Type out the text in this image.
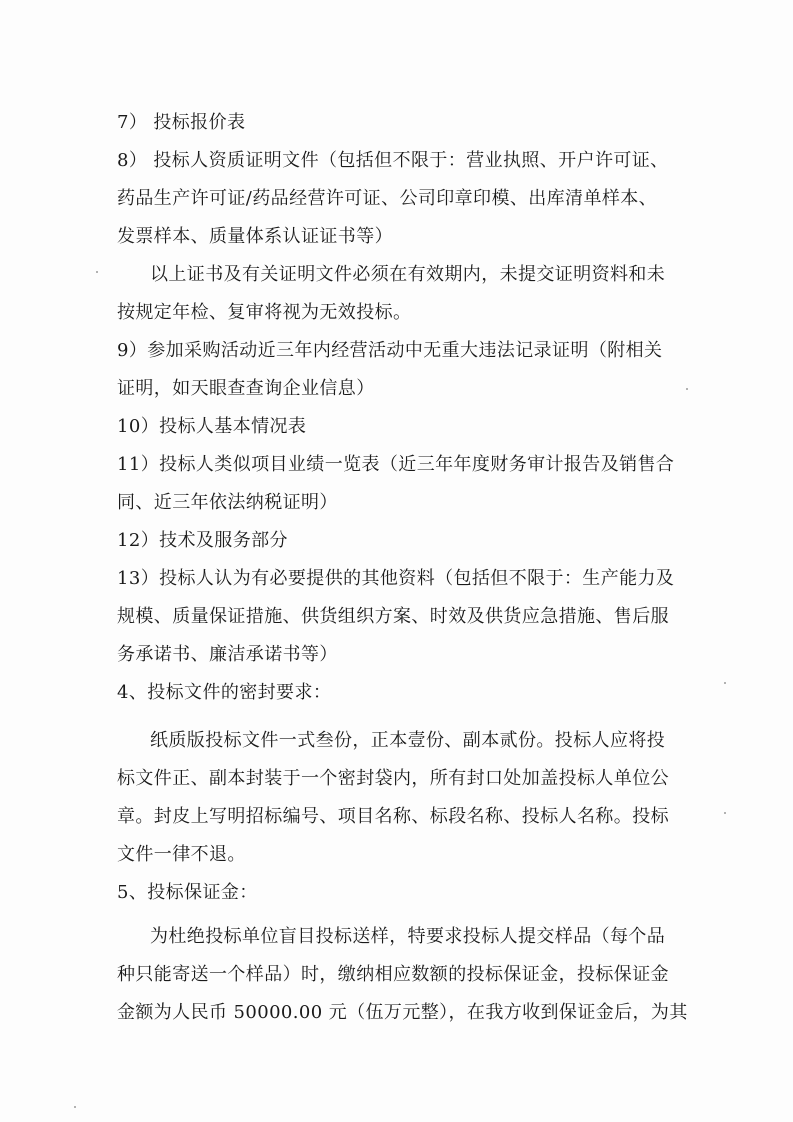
7） 投标报价表

8） 投标人资质证明文件（包括但不限于：营业执照、开户许可证、

药品生产许可证/药品经营许可证、公司印章印模、出库清单样本、

发票样本、质量体系认证证书等）

以上证书及有关证明文件必须在有效期内，未提交证明资料和未

按规定年检、复审将视为无效投标。

9）参加采购活动近三年内经营活动中无重大违法记录证明（附相关

证明，如天眼查查询企业信息）

10）投标人基本情况表

11）投标人类似项目业绩一览表（近三年年度财务审计报告及销售合

同、近三年依法纳税证明）

12）技术及服务部分

13）投标人认为有必要提供的其他资料（包括但不限于：生产能力及

规模、质量保证措施、供货组织方案、时效及供货应急措施、售后服

务承诺书、廉洁承诺书等）

4、投标文件的密封要求：

纸质版投标文件一式叁份，正本壹份、副本贰份。投标人应将投

标文件正、副本封装于一个密封袋内，所有封口处加盖投标人单位公

章。封皮上写明招标编号、项目名称、标段名称、投标人名称。投标

文件一律不退。

5、投标保证金：

为杜绝投标单位盲目投标送样，特要求投标人提交样品（每个品

种只能寄送一个样品）时，缴纳相应数额的投标保证金，投标保证金

金额为人民币 50000.00 元（伍万元整），在我方收到保证金后，为其
